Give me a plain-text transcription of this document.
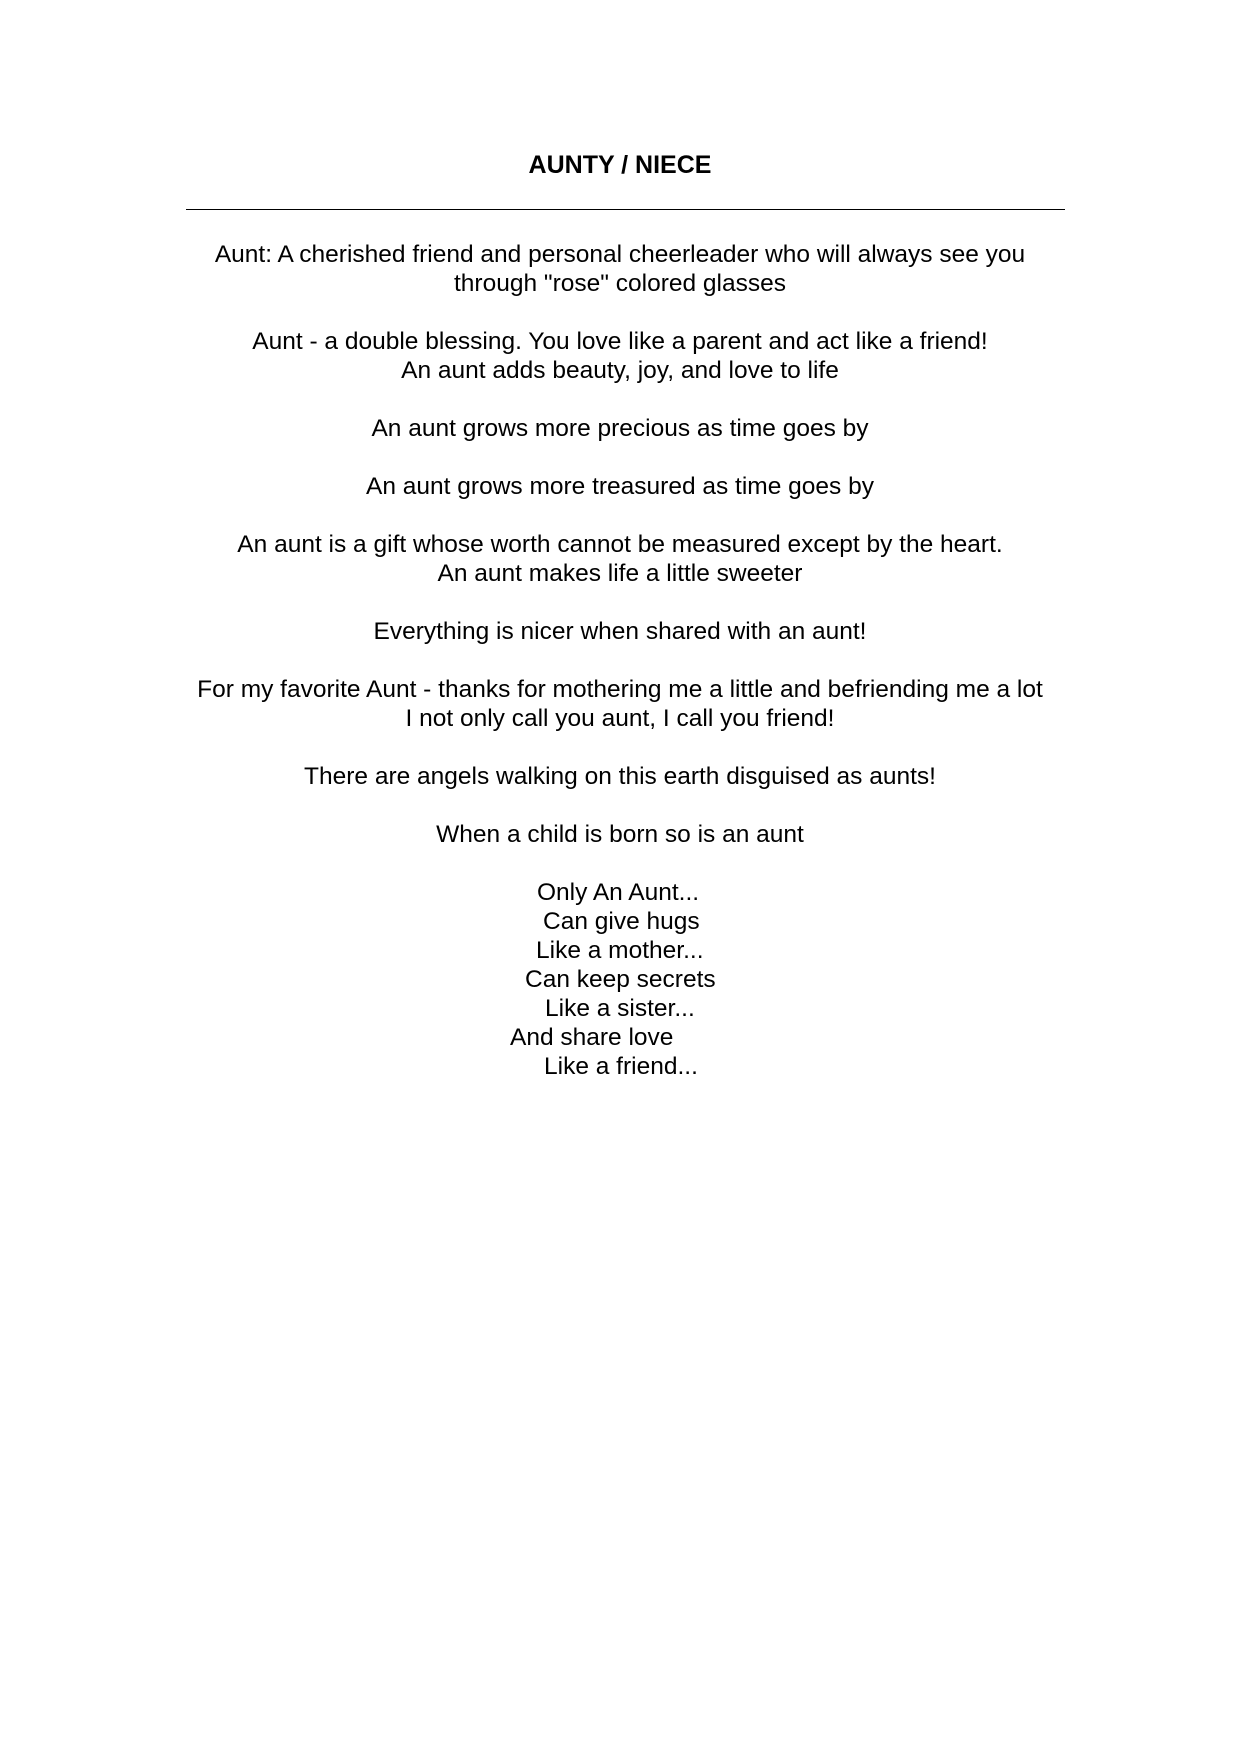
AUNTY / NIECE
Aunt: A cherished friend and personal cheerleader who will always see you
through "rose" colored glasses
Aunt - a double blessing. You love like a parent and act like a friend!
An aunt adds beauty, joy, and love to life
An aunt grows more precious as time goes by
An aunt grows more treasured as time goes by
An aunt is a gift whose worth cannot be measured except by the heart.
An aunt makes life a little sweeter
Everything is nicer when shared with an aunt!
For my favorite Aunt - thanks for mothering me a little and befriending me a lot
I not only call you aunt, I call you friend!
There are angels walking on this earth disguised as aunts!
When a child is born so is an aunt
Only An Aunt...
Can give hugs
Like a mother...
Can keep secrets
Like a sister...
And share love
Like a friend...
